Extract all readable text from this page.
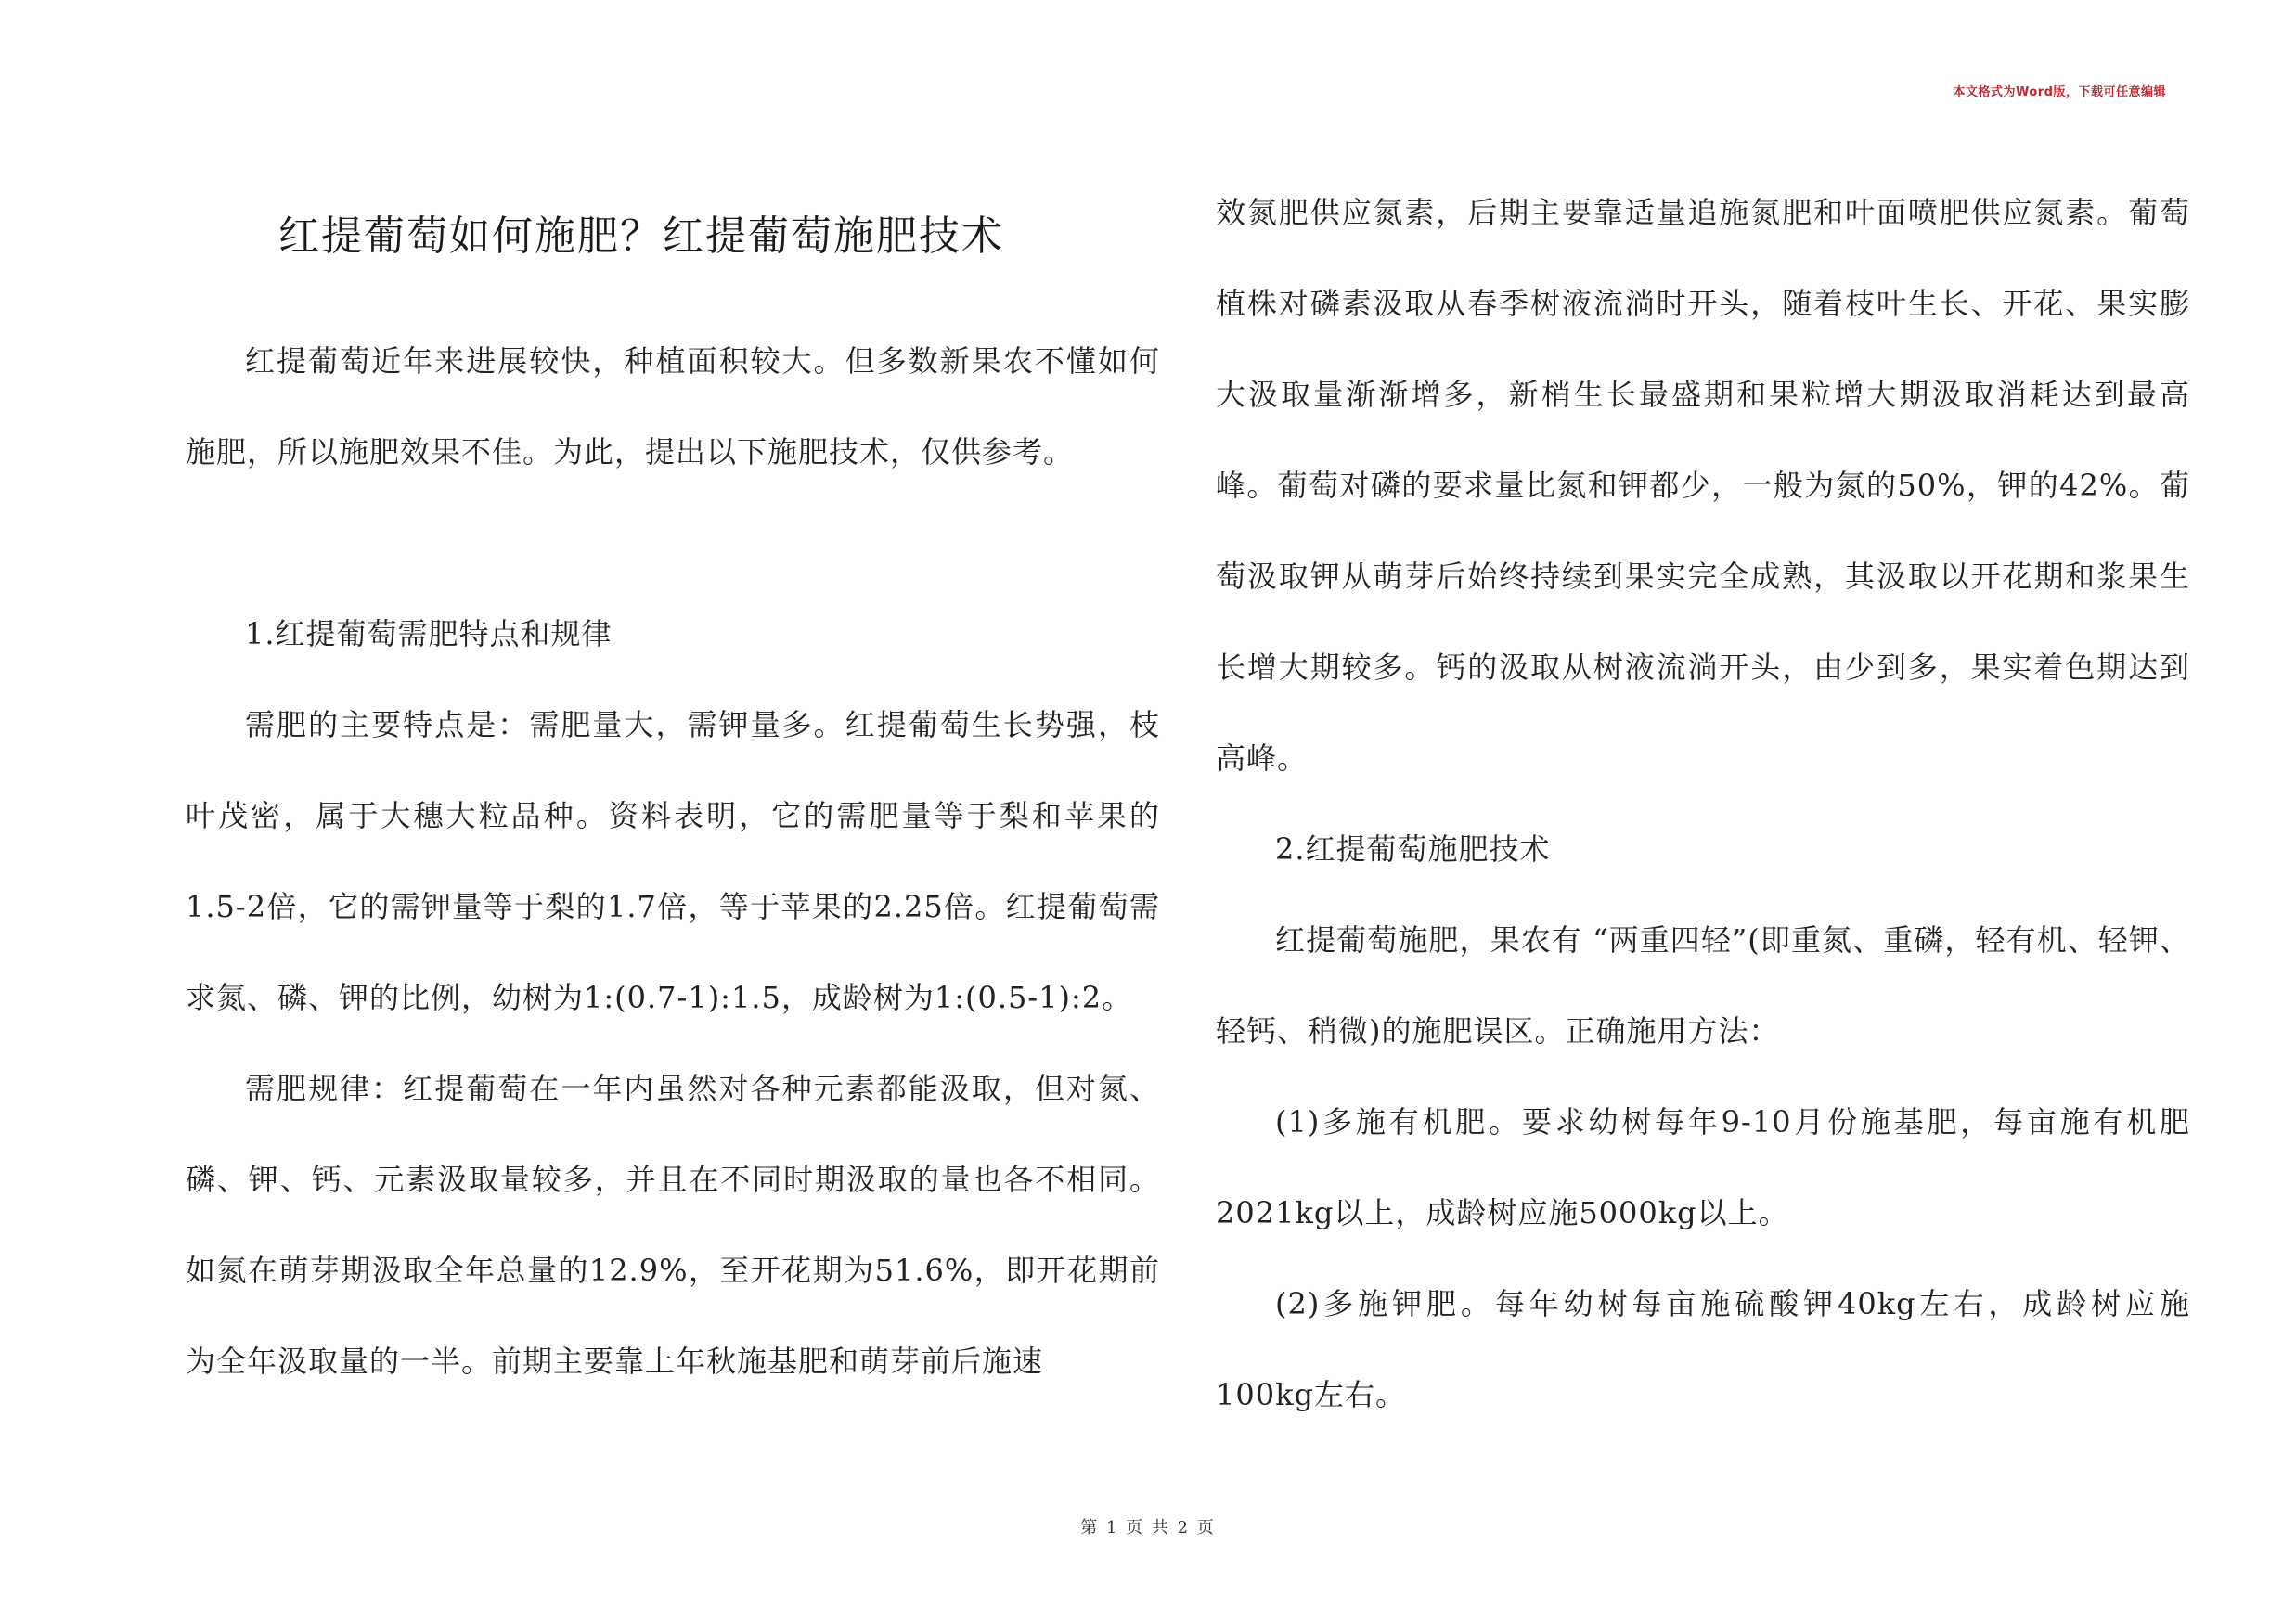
本文格式为Word版，下载可任意编辑
红提葡萄如何施肥？红提葡萄施肥技术

红提葡萄近年来进展较快，种植面积较大。但多数新果农不懂如何施肥，所以施肥效果不佳。为此，提出以下施肥技术，仅供参考。

1.红提葡萄需肥特点和规律

需肥的主要特点是：需肥量大，需钾量多。红提葡萄生长势强，枝叶茂密，属于大穗大粒品种。资料表明，它的需肥量等于梨和苹果的1.5-2倍，它的需钾量等于梨的1.7倍，等于苹果的2.25倍。红提葡萄需求氮、磷、钾的比例，幼树为1:(0.7-1):1.5，成龄树为1:(0.5-1):2。

需肥规律：红提葡萄在一年内虽然对各种元素都能汲取，但对氮、磷、钾、钙、元素汲取量较多，并且在不同时期汲取的量也各不相同。如氮在萌芽期汲取全年总量的12.9%，至开花期为51.6%，即开花期前为全年汲取量的一半。前期主要靠上年秋施基肥和萌芽前后施速

效氮肥供应氮素，后期主要靠适量追施氮肥和叶面喷肥供应氮素。葡萄植株对磷素汲取从春季树液流淌时开头，随着枝叶生长、开花、果实膨大汲取量渐渐增多，新梢生长最盛期和果粒增大期汲取消耗达到最高峰。葡萄对磷的要求量比氮和钾都少，一般为氮的50%，钾的42%。葡萄汲取钾从萌芽后始终持续到果实完全成熟，其汲取以开花期和浆果生长增大期较多。钙的汲取从树液流淌开头，由少到多，果实着色期达到高峰。

2.红提葡萄施肥技术

红提葡萄施肥，果农有 “两重四轻”(即重氮、重磷，轻有机、轻钾、轻钙、稍微)的施肥误区。正确施用方法：

(1)多施有机肥。要求幼树每年9-10月份施基肥，每亩施有机肥2021kg以上，成龄树应施5000kg以上。

(2)多施钾肥。每年幼树每亩施硫酸钾40kg左右，成龄树应施100kg左右。

第 1 页 共 2 页
